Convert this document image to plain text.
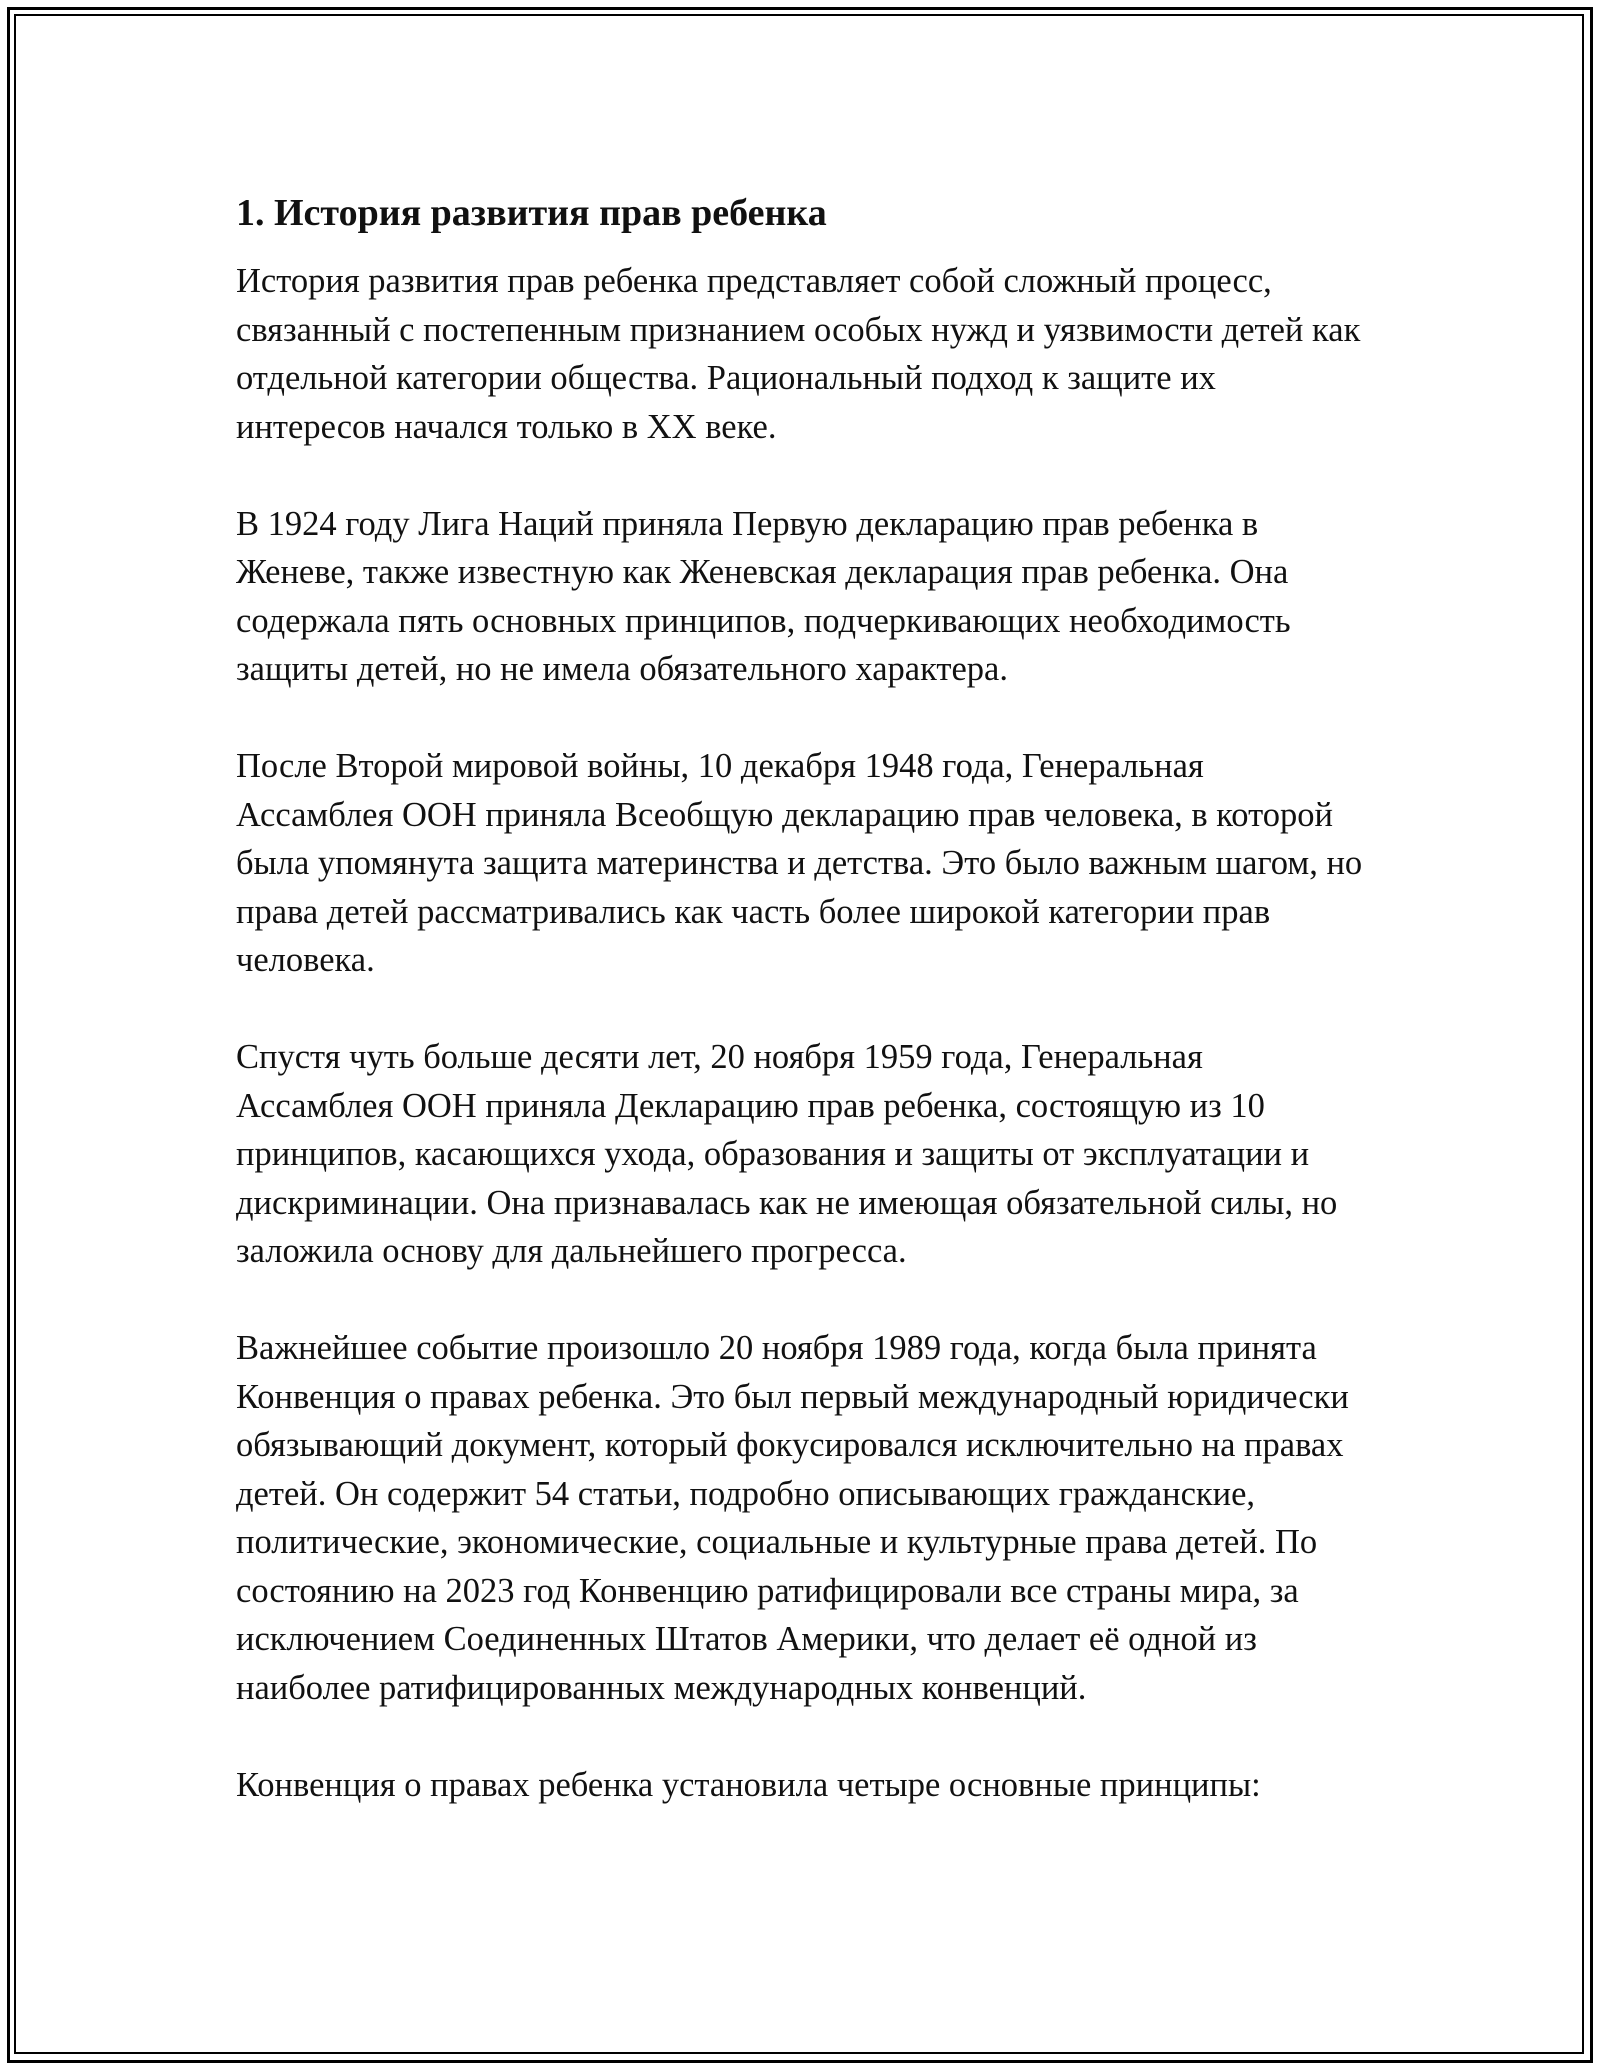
1. История развития прав ребенка

История развития прав ребенка представляет собой сложный процесс, связанный с постепенным признанием особых нужд и уязвимости детей как отдельной категории общества. Рациональный подход к защите их интересов начался только в XX веке.

В 1924 году Лига Наций приняла Первую декларацию прав ребенка в Женеве, также известную как Женевская декларация прав ребенка. Она содержала пять основных принципов, подчеркивающих необходимость защиты детей, но не имела обязательного характера.

После Второй мировой войны, 10 декабря 1948 года, Генеральная Ассамблея ООН приняла Всеобщую декларацию прав человека, в которой была упомянута защита материнства и детства. Это было важным шагом, но права детей рассматривались как часть более широкой категории прав человека.

Спустя чуть больше десяти лет, 20 ноября 1959 года, Генеральная Ассамблея ООН приняла Декларацию прав ребенка, состоящую из 10 принципов, касающихся ухода, образования и защиты от эксплуатации и дискриминации. Она признавалась как не имеющая обязательной силы, но заложила основу для дальнейшего прогресса.

Важнейшее событие произошло 20 ноября 1989 года, когда была принята Конвенция о правах ребенка. Это был первый международный юридически обязывающий документ, который фокусировался исключительно на правах детей. Он содержит 54 статьи, подробно описывающих гражданские, политические, экономические, социальные и культурные права детей. По состоянию на 2023 год Конвенцию ратифицировали все страны мира, за исключением Соединенных Штатов Америки, что делает её одной из наиболее ратифицированных международных конвенций.

Конвенция о правах ребенка установила четыре основные принципы:
